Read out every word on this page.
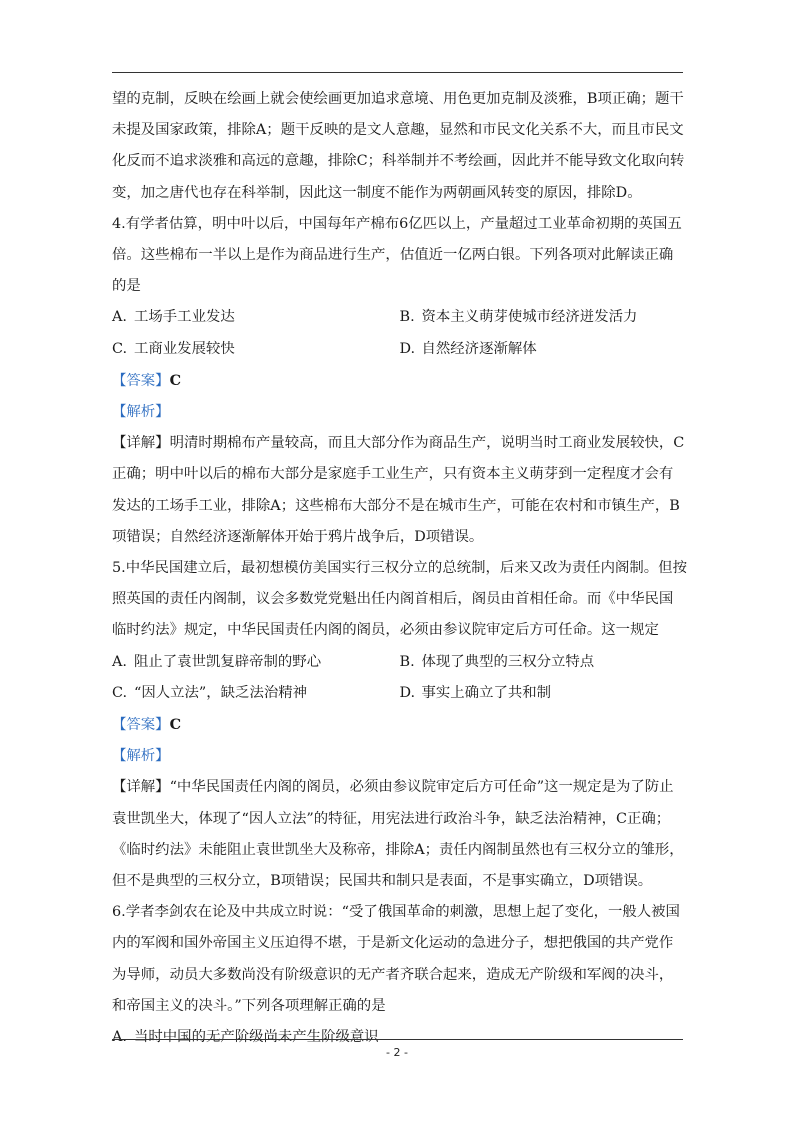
望的克制，反映在绘画上就会使绘画更加追求意境、用色更加克制及淡雅，B项正确；题干未提及国家政策，排除A；题干反映的是文人意趣，显然和市民文化关系不大，而且市民文化反而不追求淡雅和高远的意趣，排除C；科举制并不考绘画，因此并不能导致文化取向转变，加之唐代也存在科举制，因此这一制度不能作为两朝画风转变的原因，排除D。

4.有学者估算，明中叶以后，中国每年产棉布6亿匹以上，产量超过工业革命初期的英国五倍。这些棉布一半以上是作为商品进行生产，估值近一亿两白银。下列各项对此解读正确的是

A. 工场手工业发达	B. 资本主义萌芽使城市经济迸发活力
C. 工商业发展较快	D. 自然经济逐渐解体

【答案】C

【解析】

【详解】明清时期棉布产量较高，而且大部分作为商品生产，说明当时工商业发展较快，C正确；明中叶以后的棉布大部分是家庭手工业生产，只有资本主义萌芽到一定程度才会有发达的工场手工业，排除A；这些棉布大部分不是在城市生产，可能在农村和市镇生产，B项错误；自然经济逐渐解体开始于鸦片战争后，D项错误。

5.中华民国建立后，最初想模仿美国实行三权分立的总统制，后来又改为责任内阁制。但按照英国的责任内阁制，议会多数党党魁出任内阁首相后，阁员由首相任命。而《中华民国临时约法》规定，中华民国责任内阁的阁员，必须由参议院审定后方可任命。这一规定

A. 阻止了袁世凯复辟帝制的野心	B. 体现了典型的三权分立特点
C. “因人立法”，缺乏法治精神	D. 事实上确立了共和制

【答案】C

【解析】

【详解】“中华民国责任内阁的阁员，必须由参议院审定后方可任命”这一规定是为了防止袁世凯坐大，体现了“因人立法”的特征，用宪法进行政治斗争，缺乏法治精神，C正确；《临时约法》未能阻止袁世凯坐大及称帝，排除A；责任内阁制虽然也有三权分立的雏形，但不是典型的三权分立，B项错误；民国共和制只是表面，不是事实确立，D项错误。

6.学者李剑农在论及中共成立时说：“受了俄国革命的刺激，思想上起了变化，一般人被国内的军阀和国外帝国主义压迫得不堪，于是新文化运动的急进分子，想把俄国的共产党作为导师，动员大多数尚没有阶级意识的无产者齐联合起来，造成无产阶级和军阀的决斗，和帝国主义的决斗。”下列各项理解正确的是

A. 当时中国的无产阶级尚未产生阶级意识
- 2 -
